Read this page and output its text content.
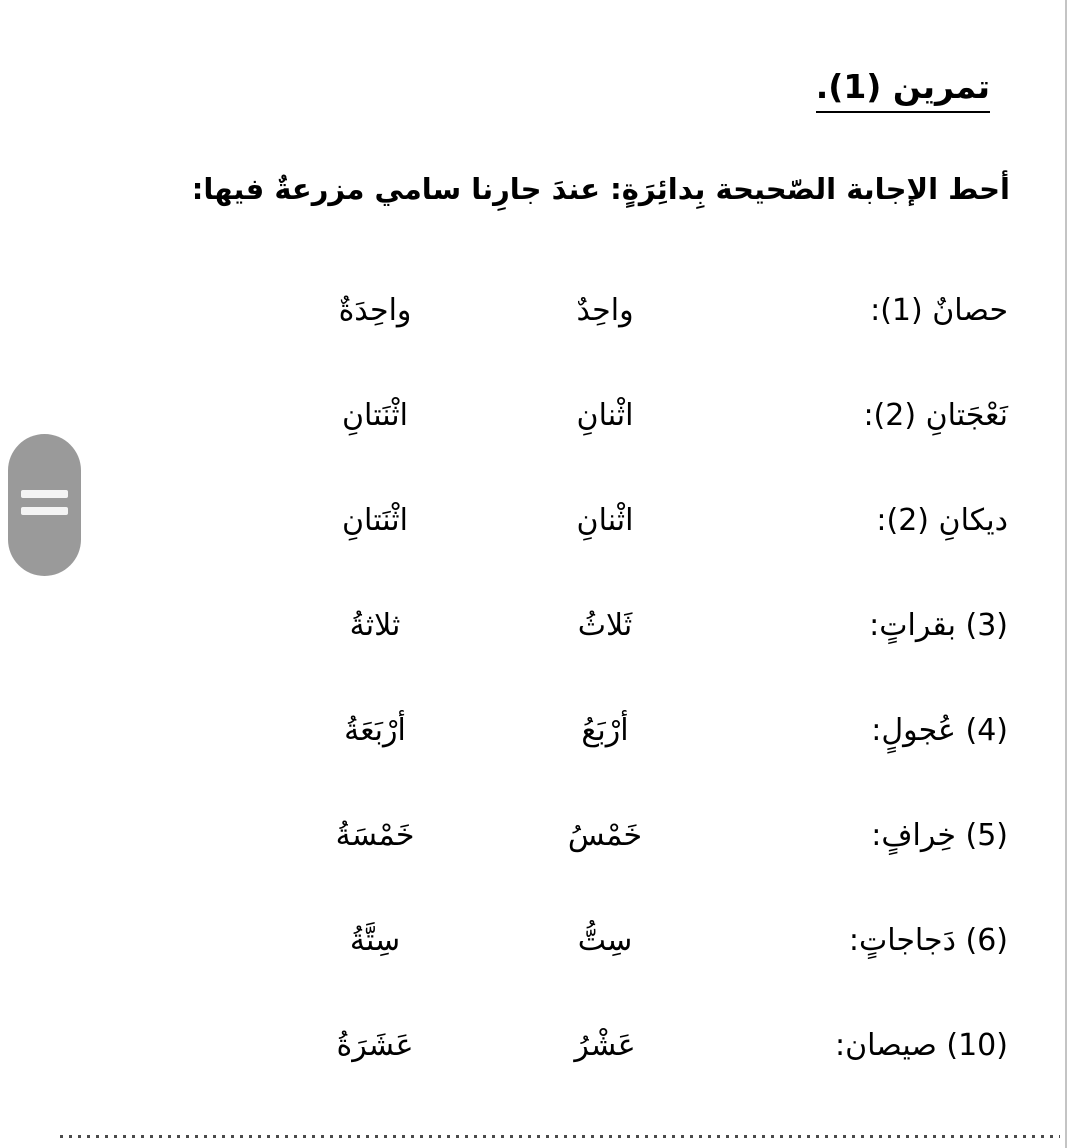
تمرين (1).
أحط الإجابة الصّحيحة بِدائِرَةٍ: عندَ جارِنا سامي مزرعةٌ فيها:
حصانٌ (1):
واحِدٌ
واحِدَةٌ
نَعْجَتانِ (2):
اثْنانِ
اثْنَتانِ
ديكانِ (2):
اثْنانِ
اثْنَتانِ
(3) بقراتٍ:
ثَلاثُ
ثلاثةُ
(4) عُجولٍ:
أرْبَعُ
أرْبَعَةُ
(5) خِرافٍ:
خَمْسُ
خَمْسَةُ
(6) دَجاجاتٍ:
سِتُّ
سِتَّةُ
(10) صيصان:
عَشْرُ
عَشَرَةُ
